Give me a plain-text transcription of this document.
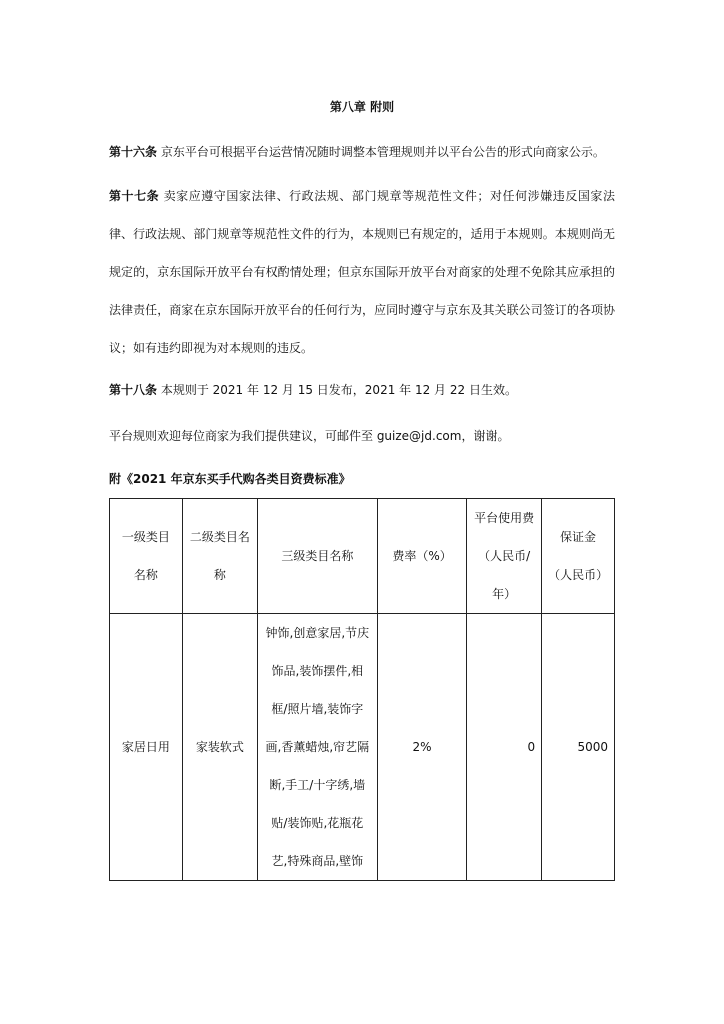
第八章 附则

第十六条 京东平台可根据平台运营情况随时调整本管理规则并以平台公告的形式向商家公示。

第十七条 卖家应遵守国家法律、行政法规、部门规章等规范性文件；对任何涉嫌违反国家法律、行政法规、部门规章等规范性文件的行为，本规则已有规定的，适用于本规则。本规则尚无规定的，京东国际开放平台有权酌情处理；但京东国际开放平台对商家的处理不免除其应承担的法律责任，商家在京东国际开放平台的任何行为，应同时遵守与京东及其关联公司签订的各项协议；如有违约即视为对本规则的违反。

第十八条 本规则于 2021 年 12 月 15 日发布，2021 年 12 月 22 日生效。

平台规则欢迎每位商家为我们提供建议，可邮件至 guize@jd.com，谢谢。

附《2021 年京东买手代购各类目资费标准》
一级类目名称	二级类目名称	三级类目名称	费率（%）	平台使用费（人民币/年）	保证金（人民币）
家居日用	家装软式	钟饰,创意家居,节庆饰品,装饰摆件,相框/照片墙,装饰字画,香薰蜡烛,帘艺隔断,手工/十字绣,墙贴/装饰贴,花瓶花艺,特殊商品,壁饰	2%	0	5000
